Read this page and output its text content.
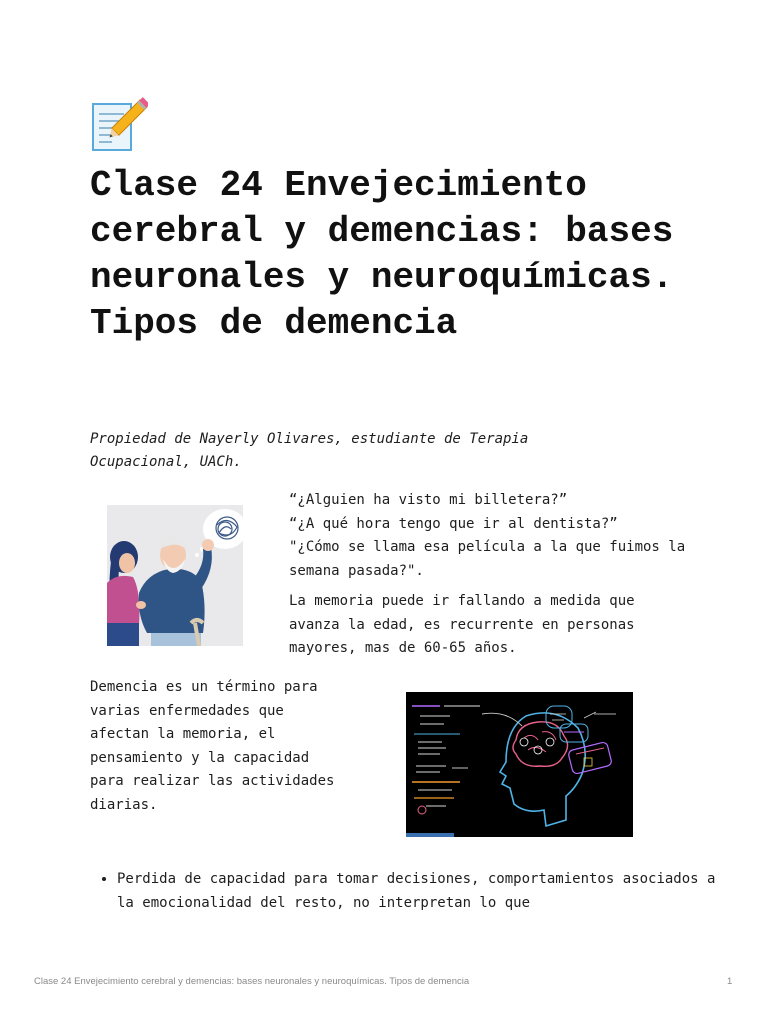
Clase 24 Envejecimiento cerebral y demencias: bases neuronales y neuroquímicas. Tipos de demencia

Propiedad de Nayerly Olivares, estudiante de Terapia Ocupacional, UACh.

“¿Alguien ha visto mi billetera?”
“¿A qué hora tengo que ir al dentista?”
"¿Cómo se llama esa película a la que fuimos la semana pasada?".

La memoria puede ir fallando a medida que avanza la edad, es recurrente en personas mayores, mas de 60-65 años.

Demencia es un término para varias enfermedades que afectan la memoria, el pensamiento y la capacidad para realizar las actividades diarias.

• Perdida de capacidad para tomar decisiones, comportamientos asociados a la emocionalidad del resto, no interpretan lo que
Clase 24 Envejecimiento cerebral y demencias: bases neuronales y neuroquímicas. Tipos de demencia	1
